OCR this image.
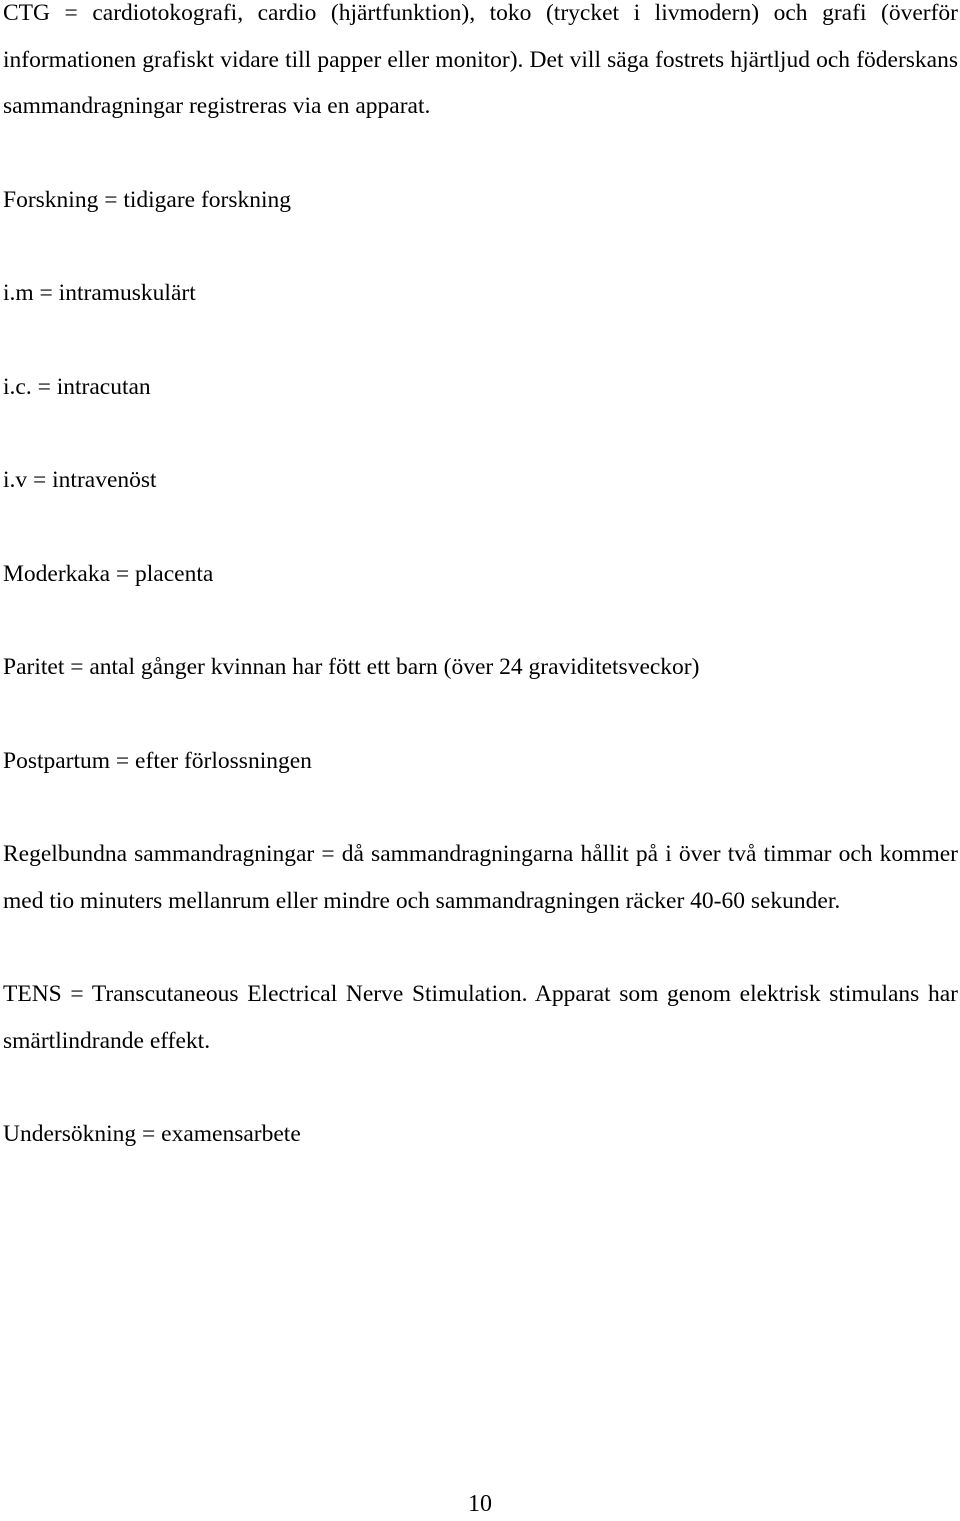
CTG = cardiotokografi, cardio (hjärtfunktion), toko (trycket i livmodern) och grafi (överför informationen grafiskt vidare till papper eller monitor). Det vill säga fostrets hjärtljud och föderskans sammandragningar registreras via en apparat.

Forskning = tidigare forskning

i.m = intramuskulärt

i.c. = intracutan

i.v = intravenöst

Moderkaka = placenta

Paritet = antal gånger kvinnan har fött ett barn (över 24 graviditetsveckor)

Postpartum = efter förlossningen

Regelbundna sammandragningar = då sammandragningarna hållit på i över två timmar och kommer med tio minuters mellanrum eller mindre och sammandragningen räcker 40-60 sekunder.

TENS = Transcutaneous Electrical Nerve Stimulation. Apparat som genom elektrisk stimulans har smärtlindrande effekt.

Undersökning = examensarbete

10
